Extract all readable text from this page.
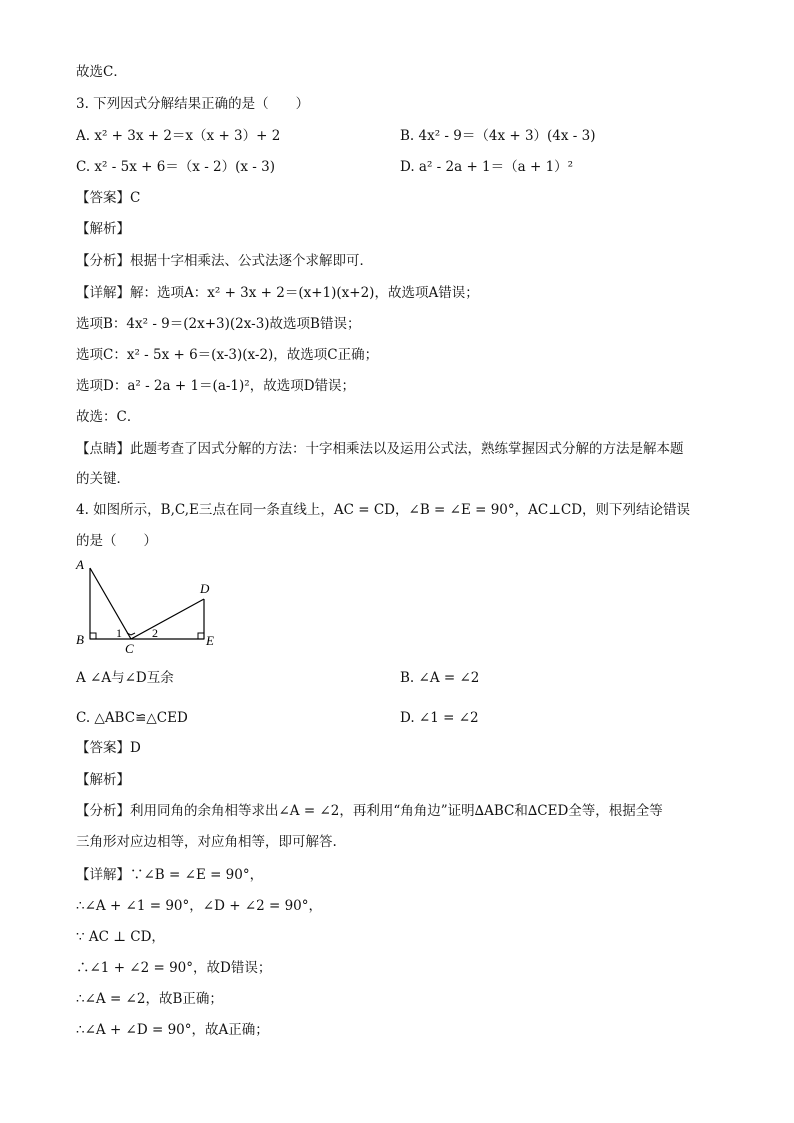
故选C．
3. 下列因式分解结果正确的是（　　）
A. x² + 3x + 2＝x（x + 3）+ 2	B. 4x² - 9＝（4x + 3）(4x - 3)
C. x² - 5x + 6＝（x - 2）(x - 3)	D. a² - 2a + 1＝（a + 1）²
【答案】C
【解析】
【分析】根据十字相乘法、公式法逐个求解即可．
【详解】解：选项A：x² + 3x + 2＝(x+1)(x+2)，故选项A错误；
选项B：4x² - 9＝(2x+3)(2x-3)故选项B错误；
选项C：x² - 5x + 6＝(x-3)(x-2)，故选项C正确；
选项D：a² - 2a + 1＝(a-1)²，故选项D错误；
故选：C．
【点睛】此题考查了因式分解的方法：十字相乘法以及运用公式法，熟练掌握因式分解的方法是解本题
的关键．
4. 如图所示，B,C,E三点在同一条直线上，AC = CD，∠B = ∠E = 90°，AC⊥CD，则下列结论错误
的是（　　）
A
B
C
D
E
1	2
A ∠A与∠D互余	B. ∠A = ∠2
C. △ABC≌△CED	D. ∠1 = ∠2
【答案】D
【解析】
【分析】利用同角的余角相等求出∠A = ∠2，再利用“角角边”证明∆ABC和∆CED全等，根据全等
三角形对应边相等，对应角相等，即可解答.
【详解】∵∠B = ∠E = 90°，
∴∠A + ∠1 = 90°，∠D + ∠2 = 90°，
∵ AC ⊥ CD，
∴∠1 + ∠2 = 90°，故D错误；
∴∠A = ∠2，故B正确；
∴∠A + ∠D = 90°，故A正确；
